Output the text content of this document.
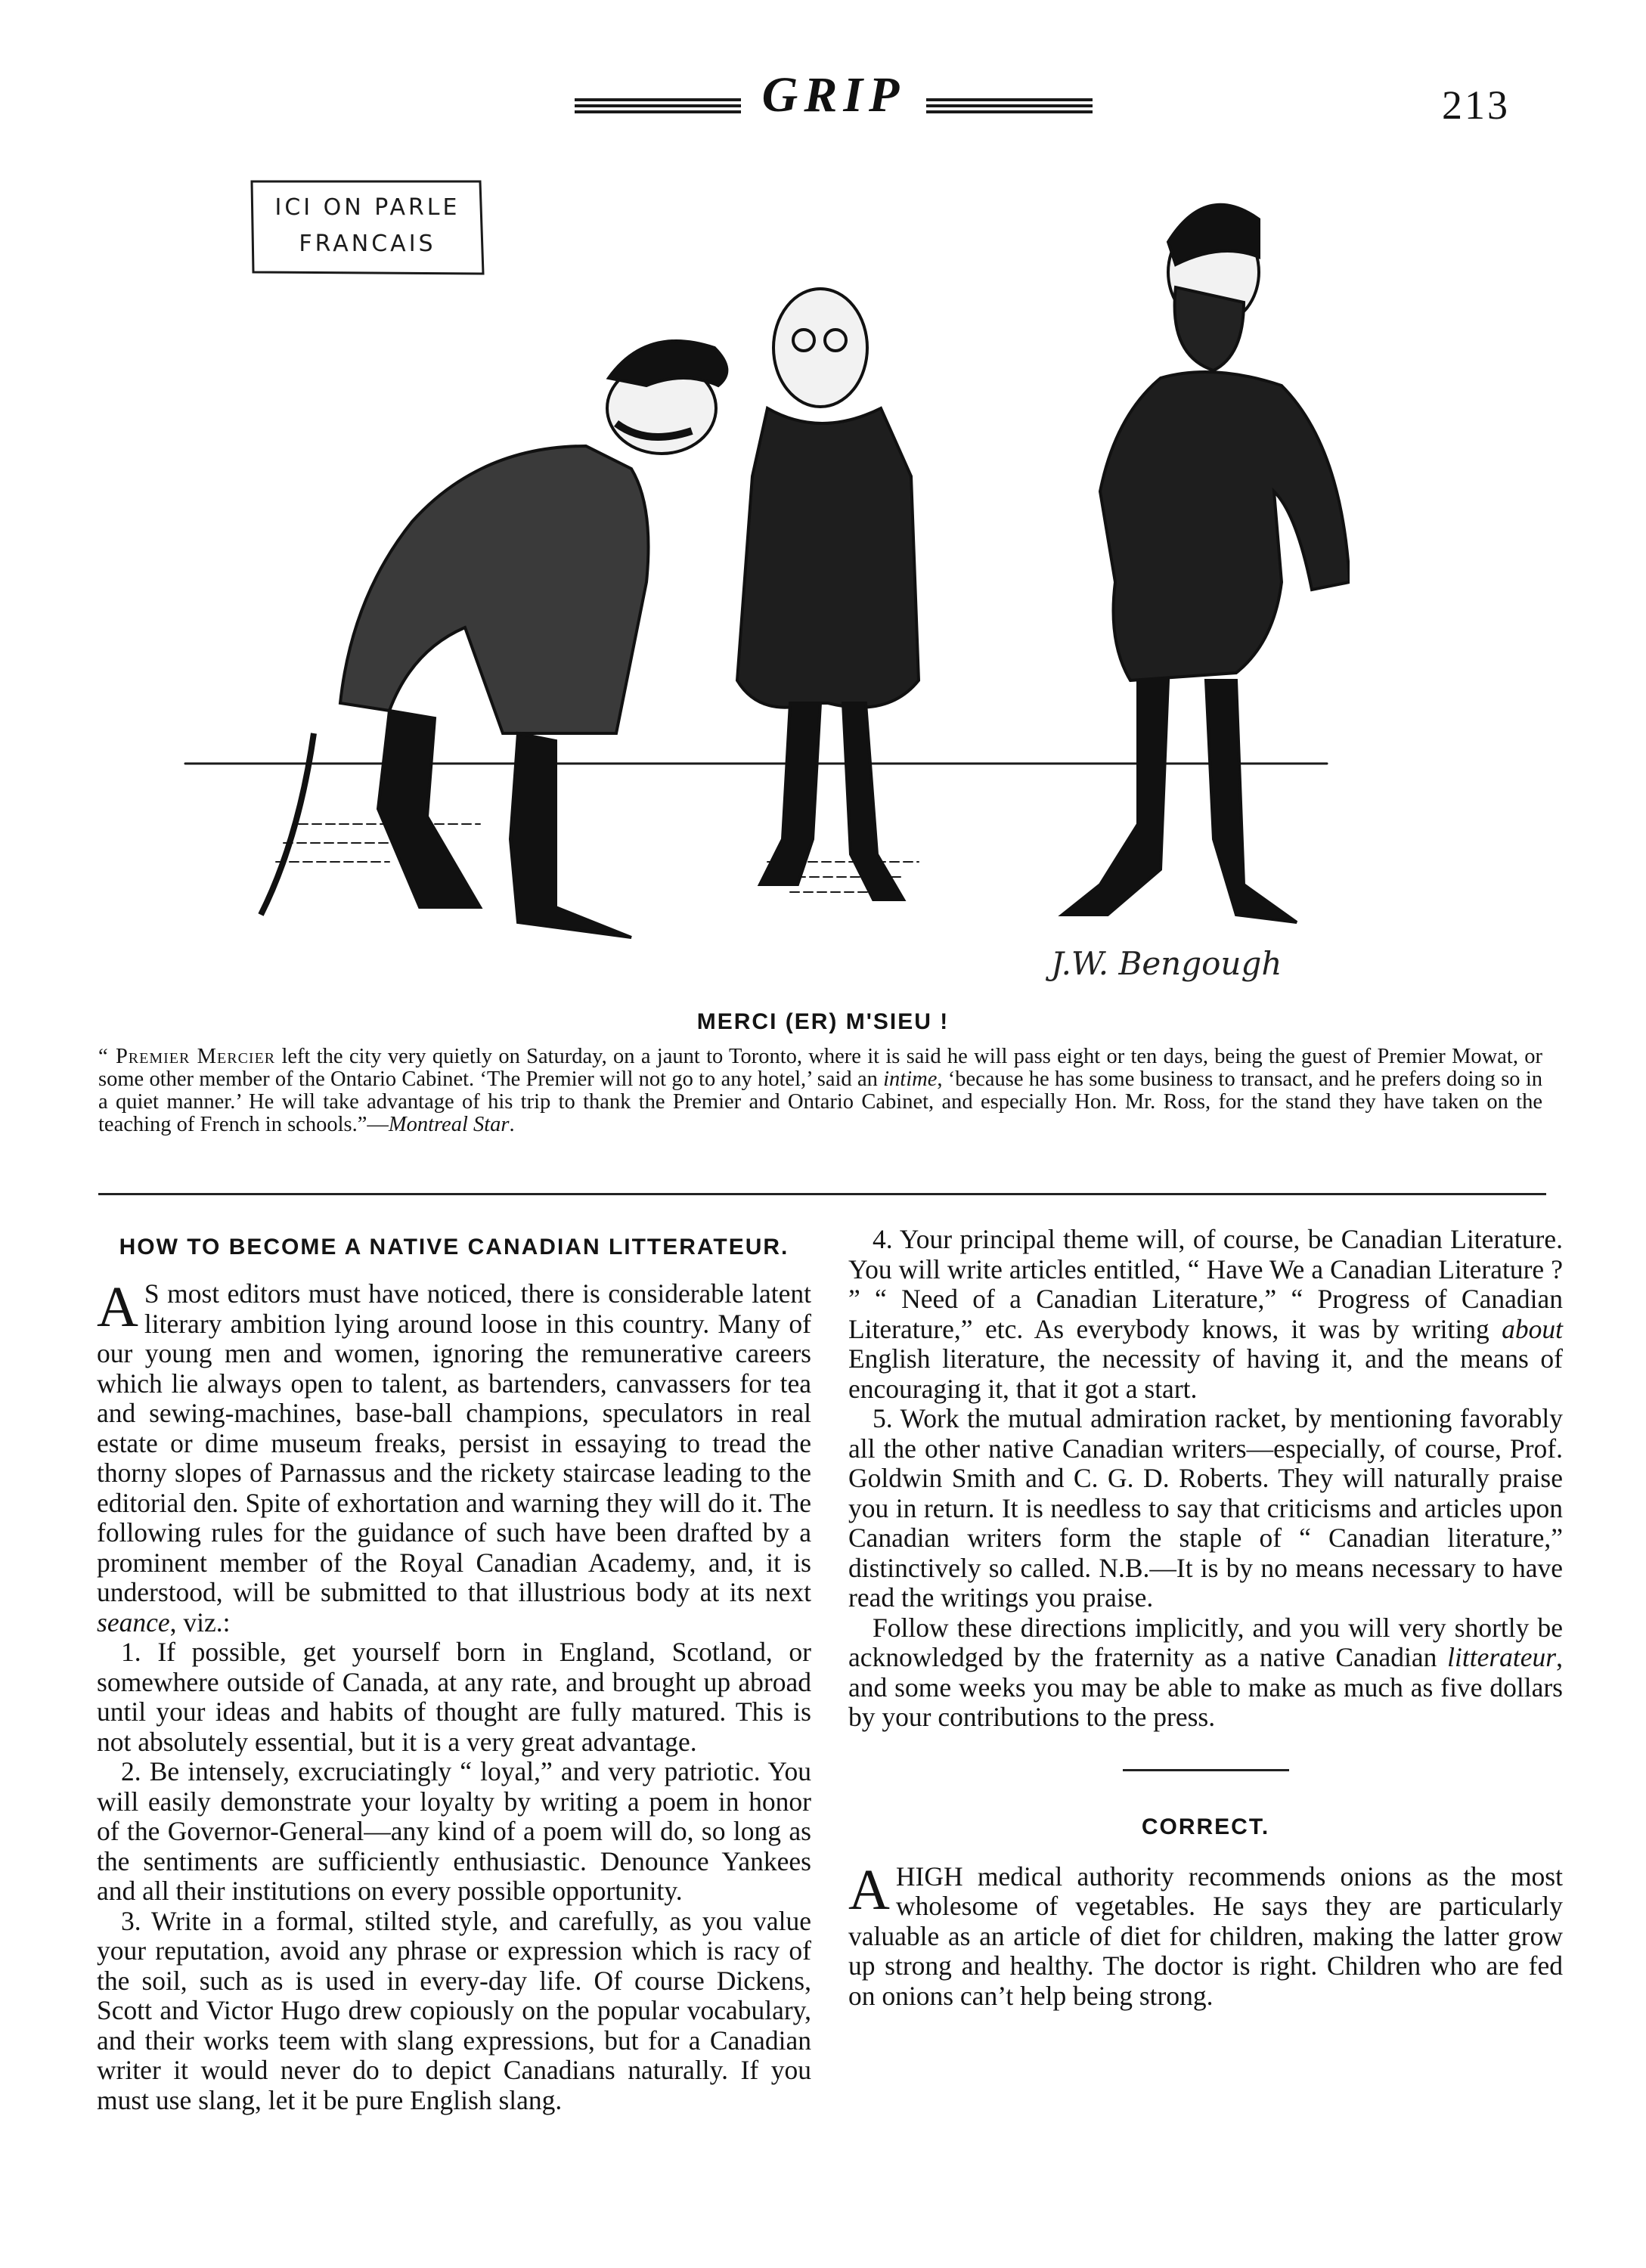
GRIP	213
ICI ON PARLE
FRANCAIS
J.W. Bengough
MERCI (ER) M'SIEU !
“ Premier Mercier left the city very quietly on Saturday, on a jaunt to Toronto, where it is said he will pass eight or ten days, being the guest of Premier Mowat, or some other member of the Ontario Cabinet. ‘The Premier will not go to any hotel,’ said an intime, ‘because he has some business to transact, and he prefers doing so in a quiet manner.’ He will take advantage of his trip to thank the Premier and Ontario Cabinet, and especially Hon. Mr. Ross, for the stand they have taken on the teaching of French in schools.”—Montreal Star.
HOW TO BECOME A NATIVE CANADIAN LITTERATEUR.

A S most editors must have noticed, there is considerable latent literary ambition lying around loose in this country. Many of our young men and women, ignoring the remunerative careers which lie always open to talent, as bartenders, canvassers for tea and sewing-machines, base-ball champions, speculators in real estate or dime museum freaks, persist in essaying to tread the thorny slopes of Parnassus and the rickety staircase leading to the editorial den. Spite of exhortation and warning they will do it. The following rules for the guidance of such have been drafted by a prominent member of the Royal Canadian Academy, and, it is understood, will be submitted to that illustrious body at its next seance, viz.:

1. If possible, get yourself born in England, Scotland, or somewhere outside of Canada, at any rate, and brought up abroad until your ideas and habits of thought are fully matured. This is not absolutely essential, but it is a very great advantage.

2. Be intensely, excruciatingly “ loyal,” and very patriotic. You will easily demonstrate your loyalty by writing a poem in honor of the Governor-General—any kind of a poem will do, so long as the sentiments are sufficiently enthusiastic. Denounce Yankees and all their institutions on every possible opportunity.

3. Write in a formal, stilted style, and carefully, as you value your reputation, avoid any phrase or expression which is racy of the soil, such as is used in every-day life. Of course Dickens, Scott and Victor Hugo drew copiously on the popular vocabulary, and their works teem with slang expressions, but for a Canadian writer it would never do to depict Canadians naturally. If you must use slang, let it be pure English slang.

4. Your principal theme will, of course, be Canadian Literature. You will write articles entitled, “ Have We a Canadian Literature ? ” “ Need of a Canadian Literature,” “ Progress of Canadian Literature,” etc. As everybody knows, it was by writing about English literature, the necessity of having it, and the means of encouraging it, that it got a start.

5. Work the mutual admiration racket, by mentioning favorably all the other native Canadian writers—especially, of course, Prof. Goldwin Smith and C. G. D. Roberts. They will naturally praise you in return. It is needless to say that criticisms and articles upon Canadian writers form the staple of “ Canadian literature,” distinctively so called. N.B.—It is by no means necessary to have read the writings you praise.

Follow these directions implicitly, and you will very shortly be acknowledged by the fraternity as a native Canadian litterateur, and some weeks you may be able to make as much as five dollars by your contributions to the press.

CORRECT.

A HIGH medical authority recommends onions as the most wholesome of vegetables. He says they are particularly valuable as an article of diet for children, making the latter grow up strong and healthy. The doctor is right. Children who are fed on onions can’t help being strong.
